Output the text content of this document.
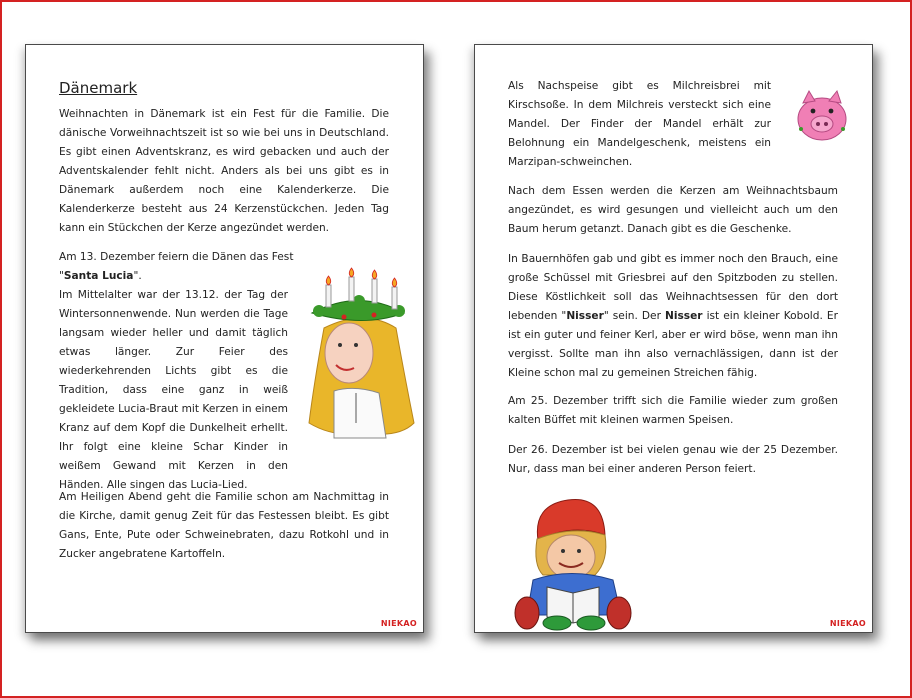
Dänemark

Weihnachten in Dänemark ist ein Fest für die Familie. Die dänische Vorweihnachtszeit ist so wie bei uns in Deutschland. Es gibt einen Adventskranz, es wird gebacken und auch der Adventskalender fehlt nicht. Anders als bei uns gibt es in Dänemark außerdem noch eine Kalenderkerze. Die Kalenderkerze besteht aus 24 Kerzenstückchen. Jeden Tag kann ein Stückchen der Kerze angezündet werden.

Am 13. Dezember feiern die Dänen das Fest
"Santa Lucia".

Im Mittelalter war der 13.12. der Tag der Wintersonnenwende. Nun werden die Tage langsam wieder heller und damit täglich etwas länger. Zur Feier des wiederkehrenden Lichts gibt es die Tradition, dass eine ganz in weiß gekleidete Lucia-Braut mit Kerzen in einem Kranz auf dem Kopf die Dunkelheit erhellt. Ihr folgt eine kleine Schar Kinder in weißem Gewand mit Kerzen in den Händen. Alle singen das Lucia-Lied.

Am Heiligen Abend geht die Familie schon am Nachmittag in die Kirche, damit genug Zeit für das Festessen bleibt. Es gibt Gans, Ente, Pute oder Schweinebraten, dazu Rotkohl und in Zucker angebratene Kartoffeln.

NIEKAO

Als Nachspeise gibt es Milchreisbrei mit Kirschsoße. In dem Milchreis versteckt sich eine Mandel. Der Finder der Mandel erhält zur Belohnung ein Mandelgeschenk, meistens ein Marzipan-schweinchen.

Nach dem Essen werden die Kerzen am Weihnachtsbaum angezündet, es wird gesungen und vielleicht auch um den Baum herum getanzt. Danach gibt es die Geschenke.

In Bauernhöfen gab und gibt es immer noch den Brauch, eine große Schüssel mit Griesbrei auf den Spitzboden zu stellen. Diese Köstlichkeit soll das Weihnachtsessen für den dort lebenden "Nisser" sein. Der Nisser ist ein kleiner Kobold. Er ist ein guter und feiner Kerl, aber er wird böse, wenn man ihn vergisst. Sollte man ihn also vernachlässigen, dann ist der Kleine schon mal zu gemeinen Streichen fähig.

Am 25. Dezember trifft sich die Familie wieder zum großen kalten Büffet mit kleinen warmen Speisen.

Der 26. Dezember ist bei vielen genau wie der 25 Dezember. Nur, dass man bei einer anderen Person feiert.

NIEKAO
